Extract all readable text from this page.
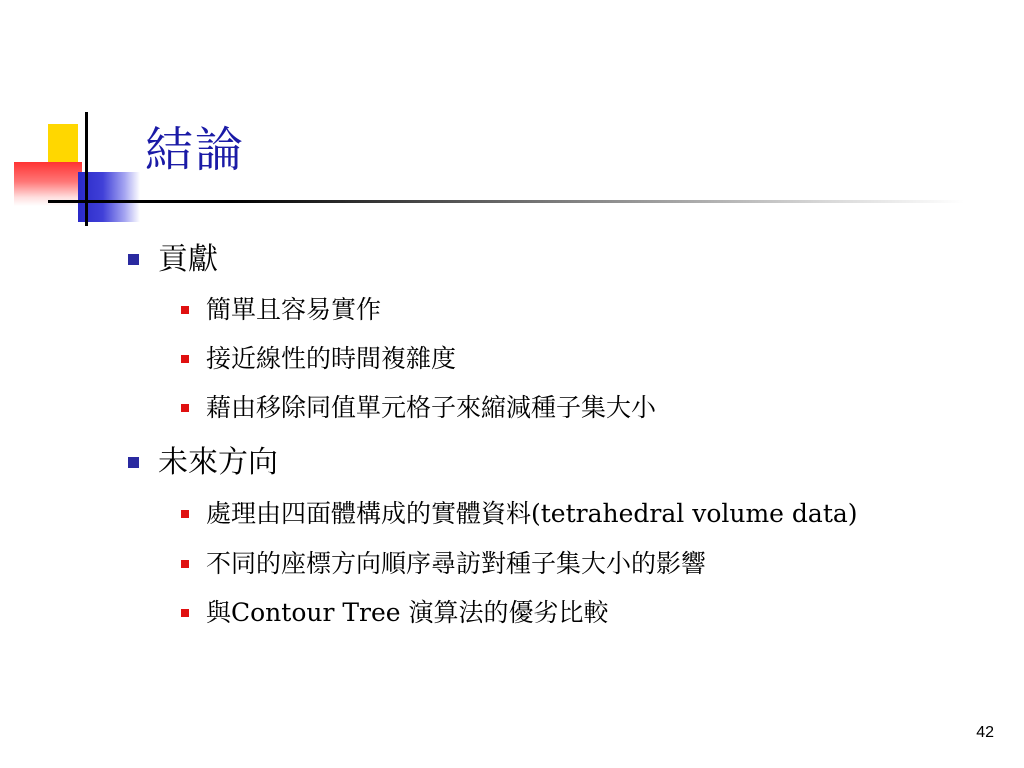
結論
貢獻
簡單且容易實作
接近線性的時間複雜度
藉由移除同值單元格子來縮減種子集大小
未來方向
處理由四面體構成的實體資料(tetrahedral volume data)
不同的座標方向順序尋訪對種子集大小的影響
與Contour Tree 演算法的優劣比較
42
